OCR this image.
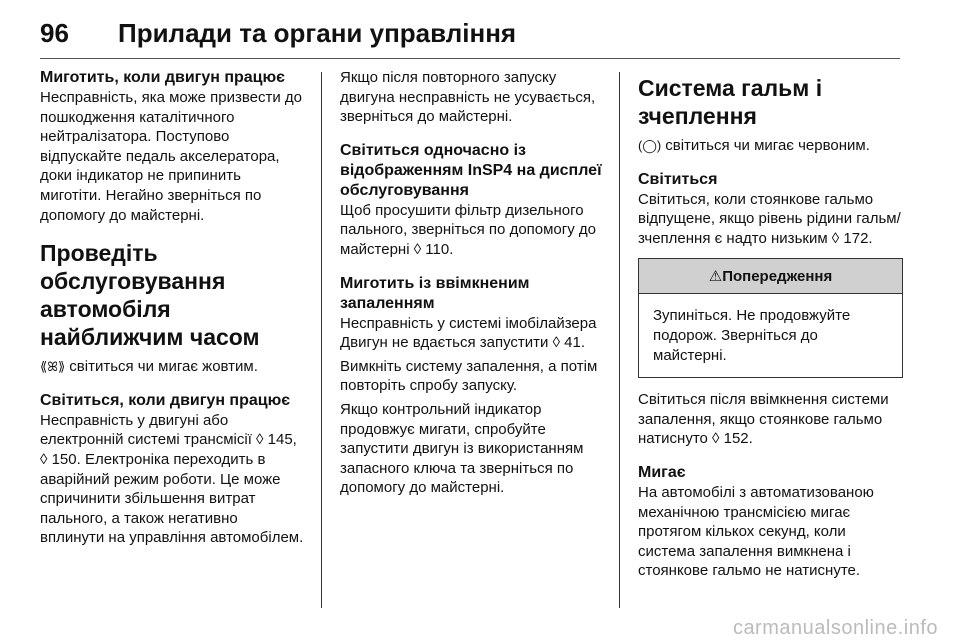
96	Прилади та органи управління
Миготить, коли двигун працює

Несправність, яка може призвести до пошкодження каталітичного нейтралізатора. Поступово відпускайте педаль акселератора, доки індикатор не припинить миготіти. Негайно зверніться по допомогу до майстерні.

Проведіть обслуговування автомобіля найближчим часом

⟪ꕤ⟫ світиться чи мигає жовтим.

Світиться, коли двигун працює

Несправність у двигуні або електронній системі трансмісії ◊ 145, ◊ 150. Електроніка переходить в аварійний режим роботи. Це може спричинити збільшення витрат пального, а також негативно вплинути на управління автомобілем.

Якщо після повторного запуску двигуна несправність не усувається, зверніться до майстерні.

Світиться одночасно із відображенням InSP4 на дисплеї обслуговування

Щоб просушити фільтр дизельного пального, зверніться по допомогу до майстерні ◊ 110.

Миготить із ввімкненим запаленням

Несправність у системі імобілайзера Двигун не вдається запустити ◊ 41.

Вимкніть систему запалення, а потім повторіть спробу запуску.

Якщо контрольний індикатор продовжує мигати, спробуйте запустити двигун із використанням запасного ключа та зверніться по допомогу до майстерні.

Система гальм і зчеплення

(◯) світиться чи мигає червоним.

Світиться

Світиться, коли стоянкове гальмо відпущене, якщо рівень рідини гальм/зчеплення є надто низьким ◊ 172.

⚠Попередження

Зупиніться. Не продовжуйте подорож. Зверніться до майстерні.

Світиться після ввімкнення системи запалення, якщо стоянкове гальмо натиснуто ◊ 152.

Мигає

На автомобілі з автоматизованою механічною трансмісією мигає протягом кількох секунд, коли система запалення вимкнена і стоянкове гальмо не натиснуте.

carmanualsonline.info
